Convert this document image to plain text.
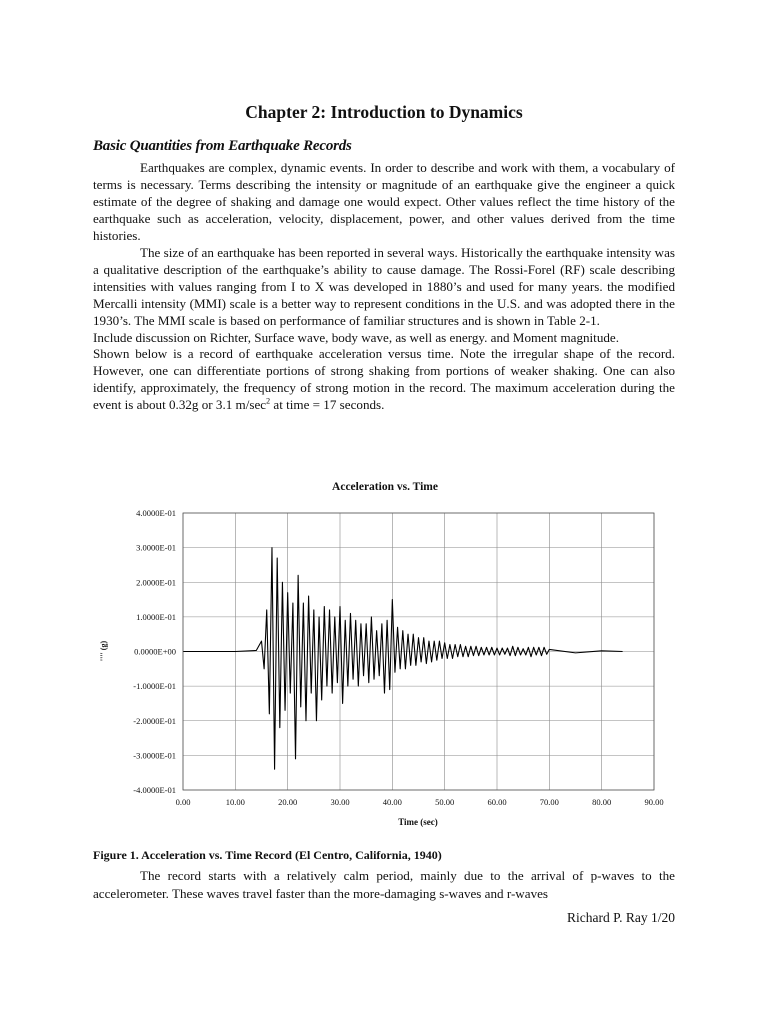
Chapter 2: Introduction to Dynamics
Basic Quantities from Earthquake Records

Earthquakes are complex, dynamic events. In order to describe and work with them, a vocabulary of terms is necessary. Terms describing the intensity or magnitude of an earthquake give the engineer a quick estimate of the degree of shaking and damage one would expect. Other values reflect the time history of the earthquake such as acceleration, velocity, displacement, power, and other values derived from the time histories.

The size of an earthquake has been reported in several ways. Historically the earthquake intensity was a qualitative description of the earthquake’s ability to cause damage. The Rossi-Forel (RF) scale describing intensities with values ranging from I to X was developed in 1880’s and used for many years. the modified Mercalli intensity (MMI) scale is a better way to represent conditions in the U.S. and was adopted there in the 1930’s. The MMI scale is based on performance of familiar structures and is shown in Table 2-1.

Include discussion on Richter, Surface wave, body wave, as well as energy. and Moment magnitude.

Shown below is a record of earthquake acceleration versus time. Note the irregular shape of the record. However, one can differentiate portions of strong shaking from portions of weaker shaking. One can also identify, approximately, the frequency of strong motion in the record. The maximum acceleration during the event is about 0.32g or 3.1 $m/\sec^2$ at time = 17 seconds.

Acceleration vs. Time
Time (sec)
'''' (g)
0.00	10.00	20.00	30.00	40.00	50.00	60.00	70.00	80.00	90.00
4.0000E-01
3.0000E-01
2.0000E-01
1.0000E-01
0.0000E+00
-1.0000E-01
-2.0000E-01
-3.0000E-01
-4.0000E-01

Figure 1. Acceleration vs. Time Record (El Centro, California, 1940)

The record starts with a relatively calm period, mainly due to the arrival of p-waves to the accelerometer. These waves travel faster than the more-damaging s-waves and r-waves

Richard P. Ray 1/20
